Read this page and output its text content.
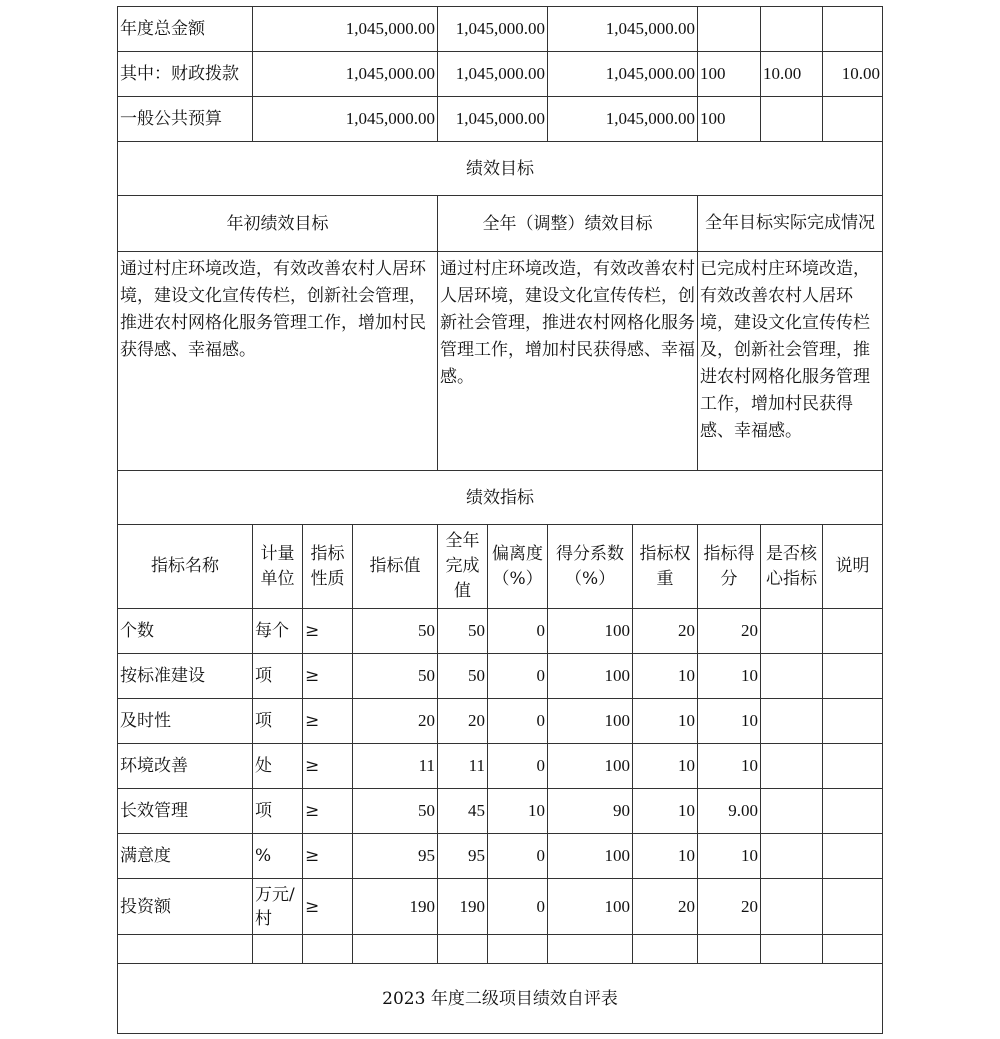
年度总金额	1,045,000.00			1,045,000.00		1,045,000.00				
其中：财政拨款	1,045,000.00			1,045,000.00		1,045,000.00		100	10.00	10.00
一般公共预算	1,045,000.00			1,045,000.00		1,045,000.00		100		
绩效目标										
年初绩效目标				全年（调整）绩效目标				全年目标实际完成情况		
通过村庄环境改造，有效改善农村人居环境，建设文化宣传传栏，创新社会管理，推进农村网格化服务管理工作，增加村民获得感、幸福感。				通过村庄环境改造，有效改善农村人居环境，建设文化宣传传栏，创新社会管理，推进农村网格化服务管理工作，增加村民获得感、幸福感。				已完成村庄环境改造，有效改善农村人居环境，建设文化宣传传栏及，创新社会管理，推进农村网格化服务管理工作，增加村民获得感、幸福感。		
绩效指标										
指标名称	计量单位	指标性质	指标值	全年完成值	偏离度（%）	得分系数（%）	指标权重	指标得分	是否核心指标	说明
个数	每个	≥	50	50	0	100	20	20		
按标准建设	项	≥	50	50	0	100	10	10		
及时性	项	≥	20	20	0	100	10	10		
环境改善	处	≥	11	11	0	100	10	10		
长效管理	项	≥	50	45	10	90	10	9.00		
满意度	%	≥	95	95	0	100	10	10		
投资额	万元/村	≥	190	190	0	100	20	20		

2023 年度二级项目绩效自评表										
